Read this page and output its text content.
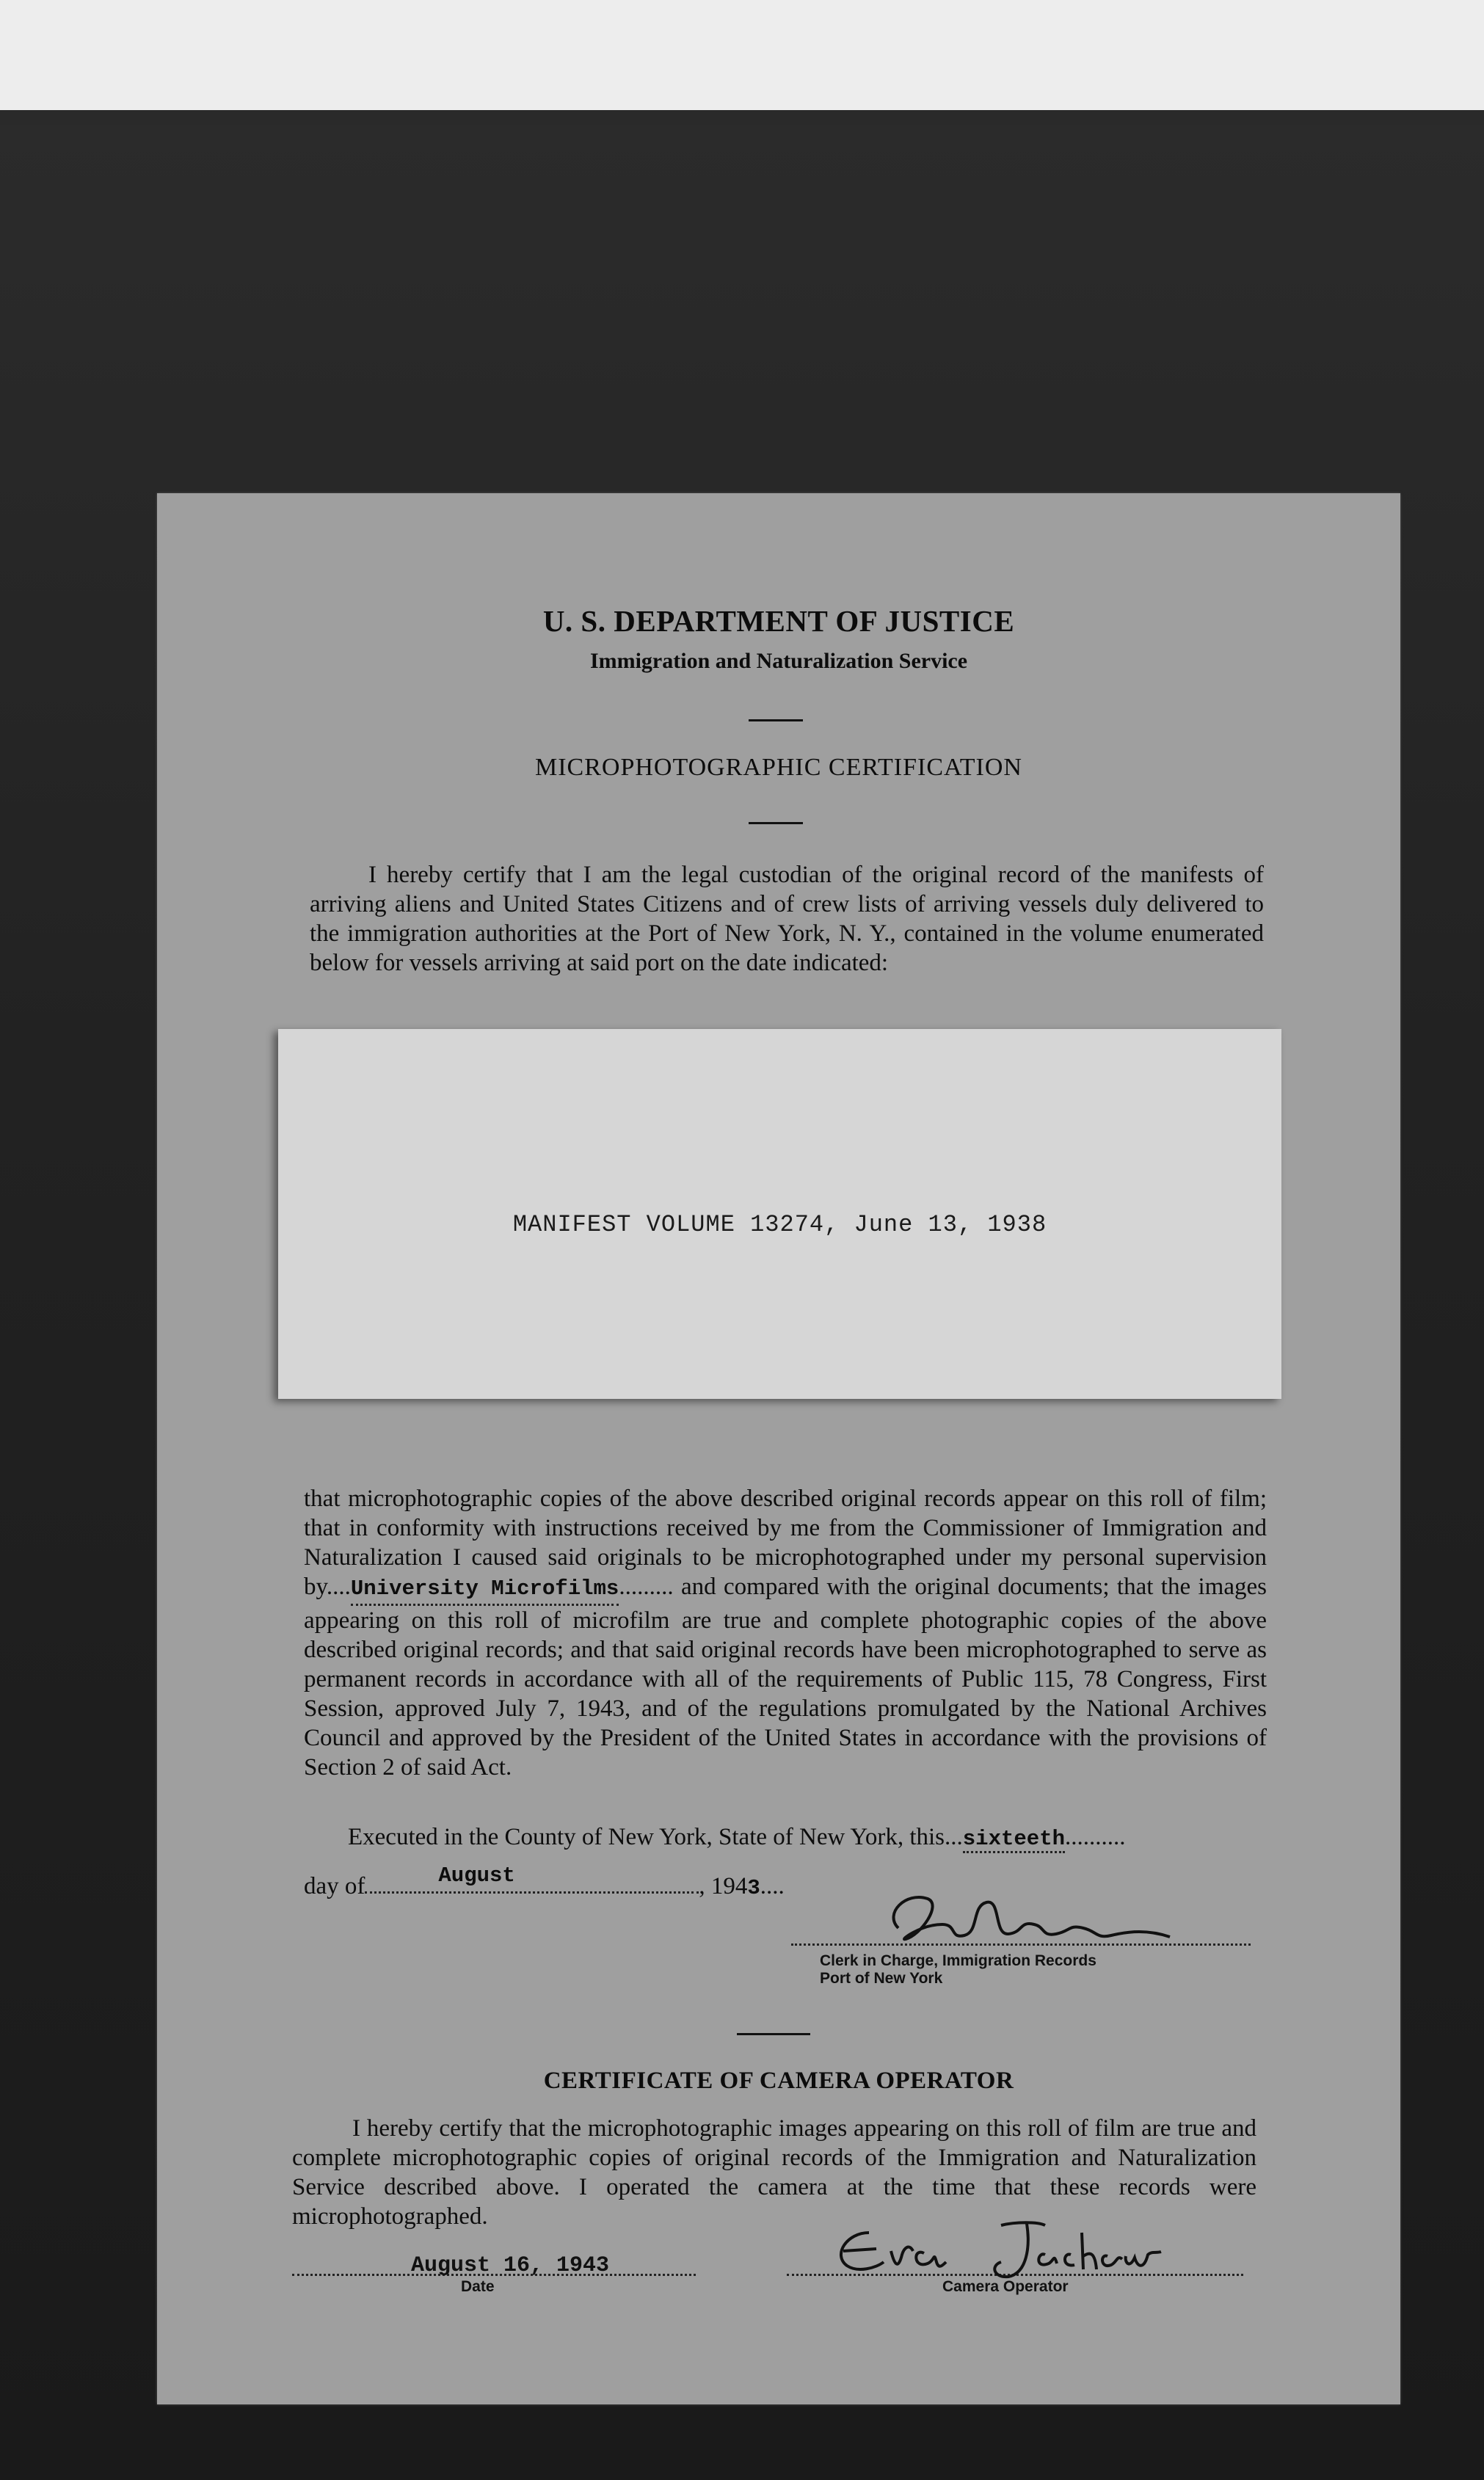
U. S. DEPARTMENT OF JUSTICE
Immigration and Naturalization Service
MICROPHOTOGRAPHIC CERTIFICATION
I hereby certify that I am the legal custodian of the original record of the manifests of arriving aliens and United States Citizens and of crew lists of arriving vessels duly delivered to the immigration authorities at the Port of New York, N. Y., contained in the volume enumerated below for vessels arriving at said port on the date indicated:
MANIFEST VOLUME 13274, June 13, 1938
that microphotographic copies of the above described original records appear on this roll of film; that in conformity with instructions received by me from the Commissioner of Immigration and Naturalization I caused said originals to be microphotographed under my personal supervision by....University Microfilms......... and compared with the original documents; that the images appearing on this roll of microfilm are true and complete photographic copies of the above described original records; and that said original records have been microphotographed to serve as permanent records in accordance with all of the requirements of Public 115, 78 Congress, First Session, approved July 7, 1943, and of the regulations promulgated by the National Archives Council and approved by the President of the United States in accordance with the provisions of Section 2 of said Act.
Executed in the County of New York, State of New York, this...sixteeth..........
day of	August	, 1943....
Clerk in Charge, Immigration Records
Port of New York
CERTIFICATE OF CAMERA OPERATOR
I hereby certify that the microphotographic images appearing on this roll of film are true and complete microphotographic copies of original records of the Immigration and Naturalization Service described above. I operated the camera at the time that these records were microphotographed.
August 16, 1943
Date	Camera Operator
